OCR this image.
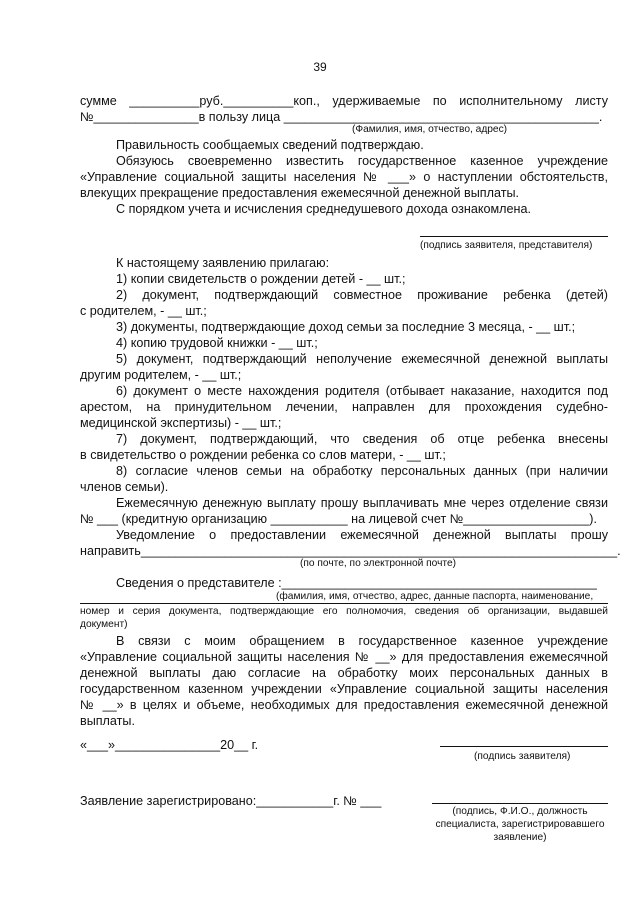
39
сумме __________руб.__________коп., удерживаемые по исполнительному листу
№_______________в пользу лица _____________________________________________.
(Фамилия, имя, отчество, адрес)
Правильность сообщаемых сведений подтверждаю.
Обязуюсь своевременно известить государственное казенное учреждение
«Управление социальной защиты населения № ___» о наступлении обстоятельств,
влекущих прекращение предоставления ежемесячной денежной выплаты.
С порядком учета и исчисления среднедушевого дохода ознакомлена.
(подпись заявителя, представителя)
К настоящему заявлению прилагаю:
1) копии свидетельств о рождении детей - __ шт.;
2) документ, подтверждающий совместное проживание ребенка (детей)
с родителем, - __ шт.;
3) документы, подтверждающие доход семьи за последние 3 месяца, - __ шт.;
4) копию трудовой книжки - __ шт.;
5) документ, подтверждающий неполучение ежемесячной денежной выплаты
другим родителем, - __ шт.;
6) документ о месте нахождения родителя (отбывает наказание, находится под
арестом, на принудительном лечении, направлен для прохождения судебно-
медицинской экспертизы) - __ шт.;
7) документ, подтверждающий, что сведения об отце ребенка внесены
в свидетельство о рождении ребенка со слов матери, - __ шт.;
8) согласие членов семьи на обработку персональных данных (при наличии
членов семьи).
Ежемесячную денежную выплату прошу выплачивать мне через отделение связи
№ ___ (кредитную организацию ___________ на лицевой счет №__________________).
Уведомление о предоставлении ежемесячной денежной выплаты прошу
направить____________________________________________________________________.
(по почте, по электронной почте)
Сведения о представителе :_____________________________________________
(фамилия, имя, отчество, адрес, данные паспорта, наименование,
номер и серия документа, подтверждающие его полномочия, сведения об организации, выдавшей
документ)
В связи с моим обращением в государственное казенное учреждение
«Управление социальной защиты населения № __» для предоставления ежемесячной
денежной выплаты даю согласие на обработку моих персональных данных в
государственном казенном учреждении «Управление социальной защиты населения
№ __» в целях и объеме, необходимых для предоставления ежемесячной денежной
выплаты.
«___»_______________20__ г.
(подпись заявителя)
Заявление зарегистрировано:___________г. № ___
(подпись, Ф.И.О., должность
специалиста, зарегистрировавшего
заявление)
